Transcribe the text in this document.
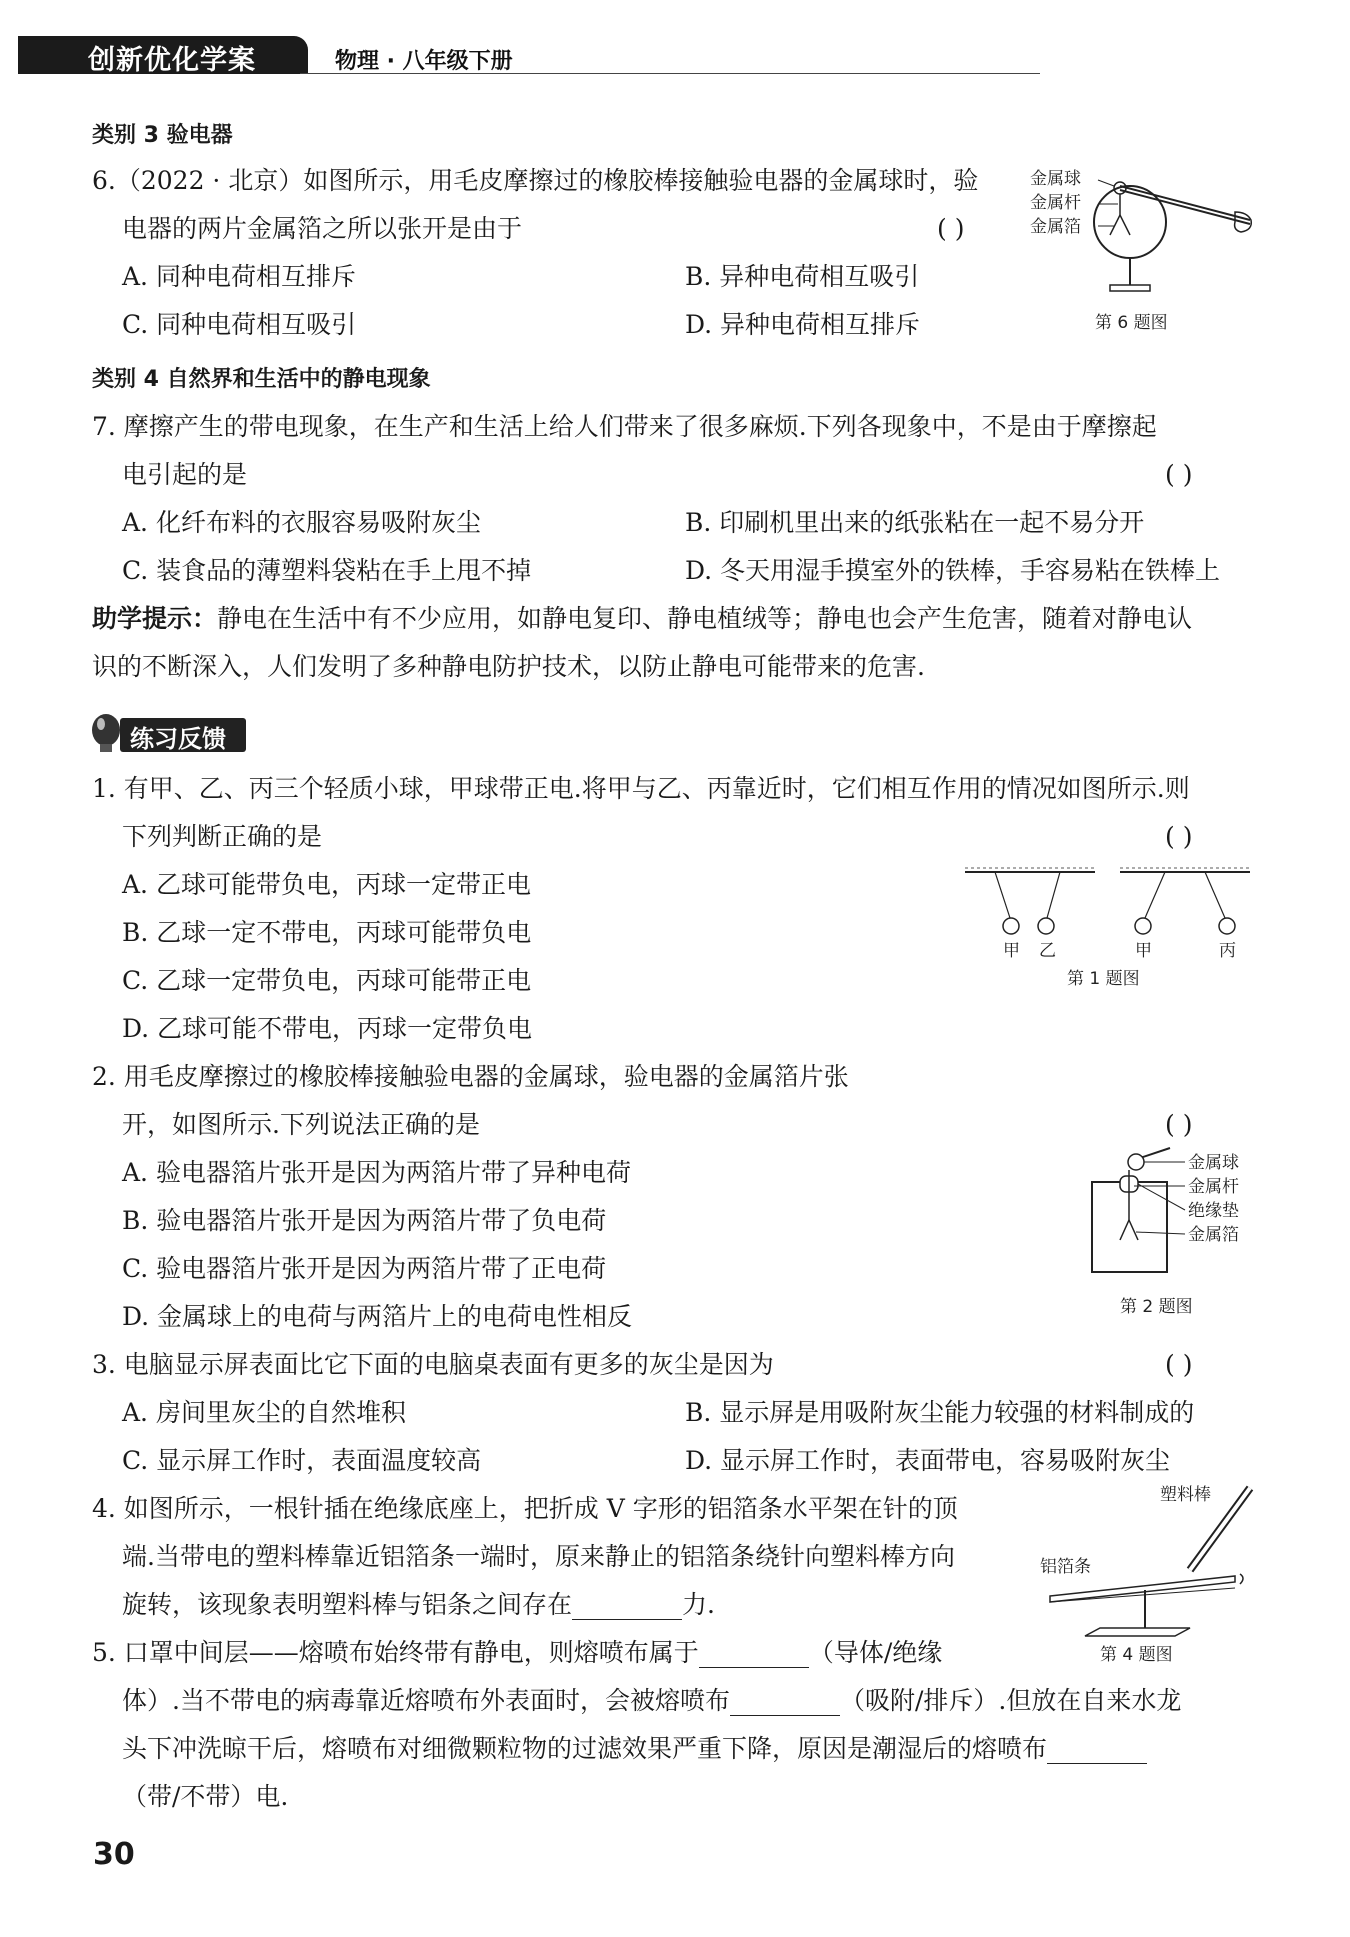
创新优化学案	物理 · 八年级下册
类别 3 验电器
6.（2022 · 北京）如图所示，用毛皮摩擦过的橡胶棒接触验电器的金属球时，验
电器的两片金属箔之所以张开是由于	( )
A. 同种电荷相互排斥	B. 异种电荷相互吸引
C. 同种电荷相互吸引	D. 异种电荷相互排斥
金属球
金属杆
金属箔
第 6 题图
类别 4 自然界和生活中的静电现象
7. 摩擦产生的带电现象，在生产和生活上给人们带来了很多麻烦.下列各现象中，不是由于摩擦起
电引起的是	( )
A. 化纤布料的衣服容易吸附灰尘	B. 印刷机里出来的纸张粘在一起不易分开
C. 装食品的薄塑料袋粘在手上甩不掉	D. 冬天用湿手摸室外的铁棒，手容易粘在铁棒上
助学提示：静电在生活中有不少应用，如静电复印、静电植绒等；静电也会产生危害，随着对静电认
识的不断深入，人们发明了多种静电防护技术，以防止静电可能带来的危害.
练习反馈
1. 有甲、乙、丙三个轻质小球，甲球带正电.将甲与乙、丙靠近时，它们相互作用的情况如图所示.则
下列判断正确的是	( )
A. 乙球可能带负电，丙球一定带正电
B. 乙球一定不带电，丙球可能带负电
C. 乙球一定带负电，丙球可能带正电
D. 乙球可能不带电，丙球一定带负电
甲 乙	甲	丙
第 1 题图
2. 用毛皮摩擦过的橡胶棒接触验电器的金属球，验电器的金属箔片张
开，如图所示.下列说法正确的是	( )
A. 验电器箔片张开是因为两箔片带了异种电荷
B. 验电器箔片张开是因为两箔片带了负电荷
C. 验电器箔片张开是因为两箔片带了正电荷
D. 金属球上的电荷与两箔片上的电荷电性相反
金属球
金属杆
绝缘垫
金属箔
第 2 题图
3. 电脑显示屏表面比它下面的电脑桌表面有更多的灰尘是因为	( )
A. 房间里灰尘的自然堆积	B. 显示屏是用吸附灰尘能力较强的材料制成的
C. 显示屏工作时，表面温度较高	D. 显示屏工作时，表面带电，容易吸附灰尘
4. 如图所示，一根针插在绝缘底座上，把折成 V 字形的铝箔条水平架在针的顶
端.当带电的塑料棒靠近铝箔条一端时，原来静止的铝箔条绕针向塑料棒方向
旋转，该现象表明塑料棒与铝条之间存在	力.
塑料棒
铝箔条
第 4 题图
5. 口罩中间层——熔喷布始终带有静电，则熔喷布属于	（导体/绝缘
体）.当不带电的病毒靠近熔喷布外表面时，会被熔喷布	（吸附/排斥）.但放在自来水龙
头下冲洗晾干后，熔喷布对细微颗粒物的过滤效果严重下降，原因是潮湿后的熔喷布
（带/不带）电.
30
